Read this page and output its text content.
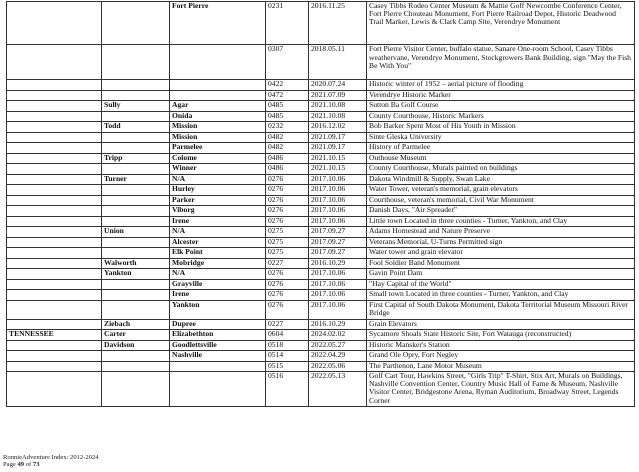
		Fort Pierre	0231	2016.11.25	Casey Tibbs Rodeo Center Museum & Mattie Goff Newcombe Conference Center, Fort Pierre Chouteau Monument, Fort Pierre Railroad Depot, Historic Deadwood Trail Marker, Lewis & Clark Camp Site, Verendrye Monument
			0307	2018.05.11	Fort Pierre Visitor Center, buffalo statue, Sanare One-room School, Casey Tibbs weathervane, Verendrye Monument, Stockgrowers Bank Building, sign "May the Fish Be With You"
			0422	2020.07.24	Historic winter of 1952 – aerial picture of flooding
			0472	2021.07.09	Verendrye Historic Marker
	Sully	Agar	0485	2021.10.08	Sutton Ba Golf Course
		Onida	0485	2021.10.08	County Courthouse, Historic Markers
	Todd	Mission	0232	2016.12.02	Bob Barker Spent Most of His Youth in Mission
		Mission	0482	2021.09.17	Sinte Gleska University
		Parmelee	0482	2021.09.17	History of Parmelee
	Tripp	Colome	0486	2021.10.15	Outhouse Museum
		Winner	0486	2021.10.15	County Courthouse, Murals painted on buildings
	Turner	N/A	0276	2017.10.06	Dakota Windmill & Supply, Swan Lake
		Hurley	0276	2017.10.06	Water Tower, veteran's memorial, grain elevators
		Parker	0276	2017.10.06	Courthouse, veteran's memorial, Civil War Monument
		Viborg	0276	2017.10.06	Danish Days, "Air Spreader"
		Irene	0276	2017.10.06	Little town Located in three counties - Turner, Yankton, and Clay
	Union	N/A	0275	2017.09.27	Adams Homestead and Nature Preserve
		Alcester	0275	2017.09.27	Veterans Memorial, U-Turns Permitted sign
		Elk Point	0275	2017.09.27	Water tower and grain elevator
	Walworth	Mobridge	0227	2016.10.29	Fool Soldier Band Monument
	Yankton	N/A	0276	2017.10.06	Gavin Point Dam
		Grayville	0276	2017.10.06	"Hay Capital of the World"
		Irene	0276	2017.10.06	Small town Located in three counties - Turner, Yankton, and Clay
		Yankton	0276	2017.10.06	First Capital of South Dakota Monument, Dakota Territorial Museum Missouri River Bridge
	Ziebach	Dupree	0227	2016.10.29	Grain Elevators
TENNESSEE	Carter	Elizabethton	0604	2024.02.02	Sycamore Shoals State Historic Site, Fort Watauga (reconstructed)
	Davidson	Goodlettsville	0518	2022.05.27	Historic Mansker's Station
		Nashville	0514	2022.04.29	Grand Ole Opry, Fort Negley
			0515	2022.05.06	The Parthenon, Lane Motor Museum
			0516	2022.05.13	Golf Cart Tour, Hawkins Street, "Girls Trip" T-Shirt, Stix Art, Murals on Buildings, Nashville Convention Center, Country Music Hall of Fame & Museum, Nashville Visitor Center, Bridgestone Arena, Ryman Auditorium, Broadway Street, Legends Corner
RonnieAdventure Index: 2012-2024
Page 49 of 73
